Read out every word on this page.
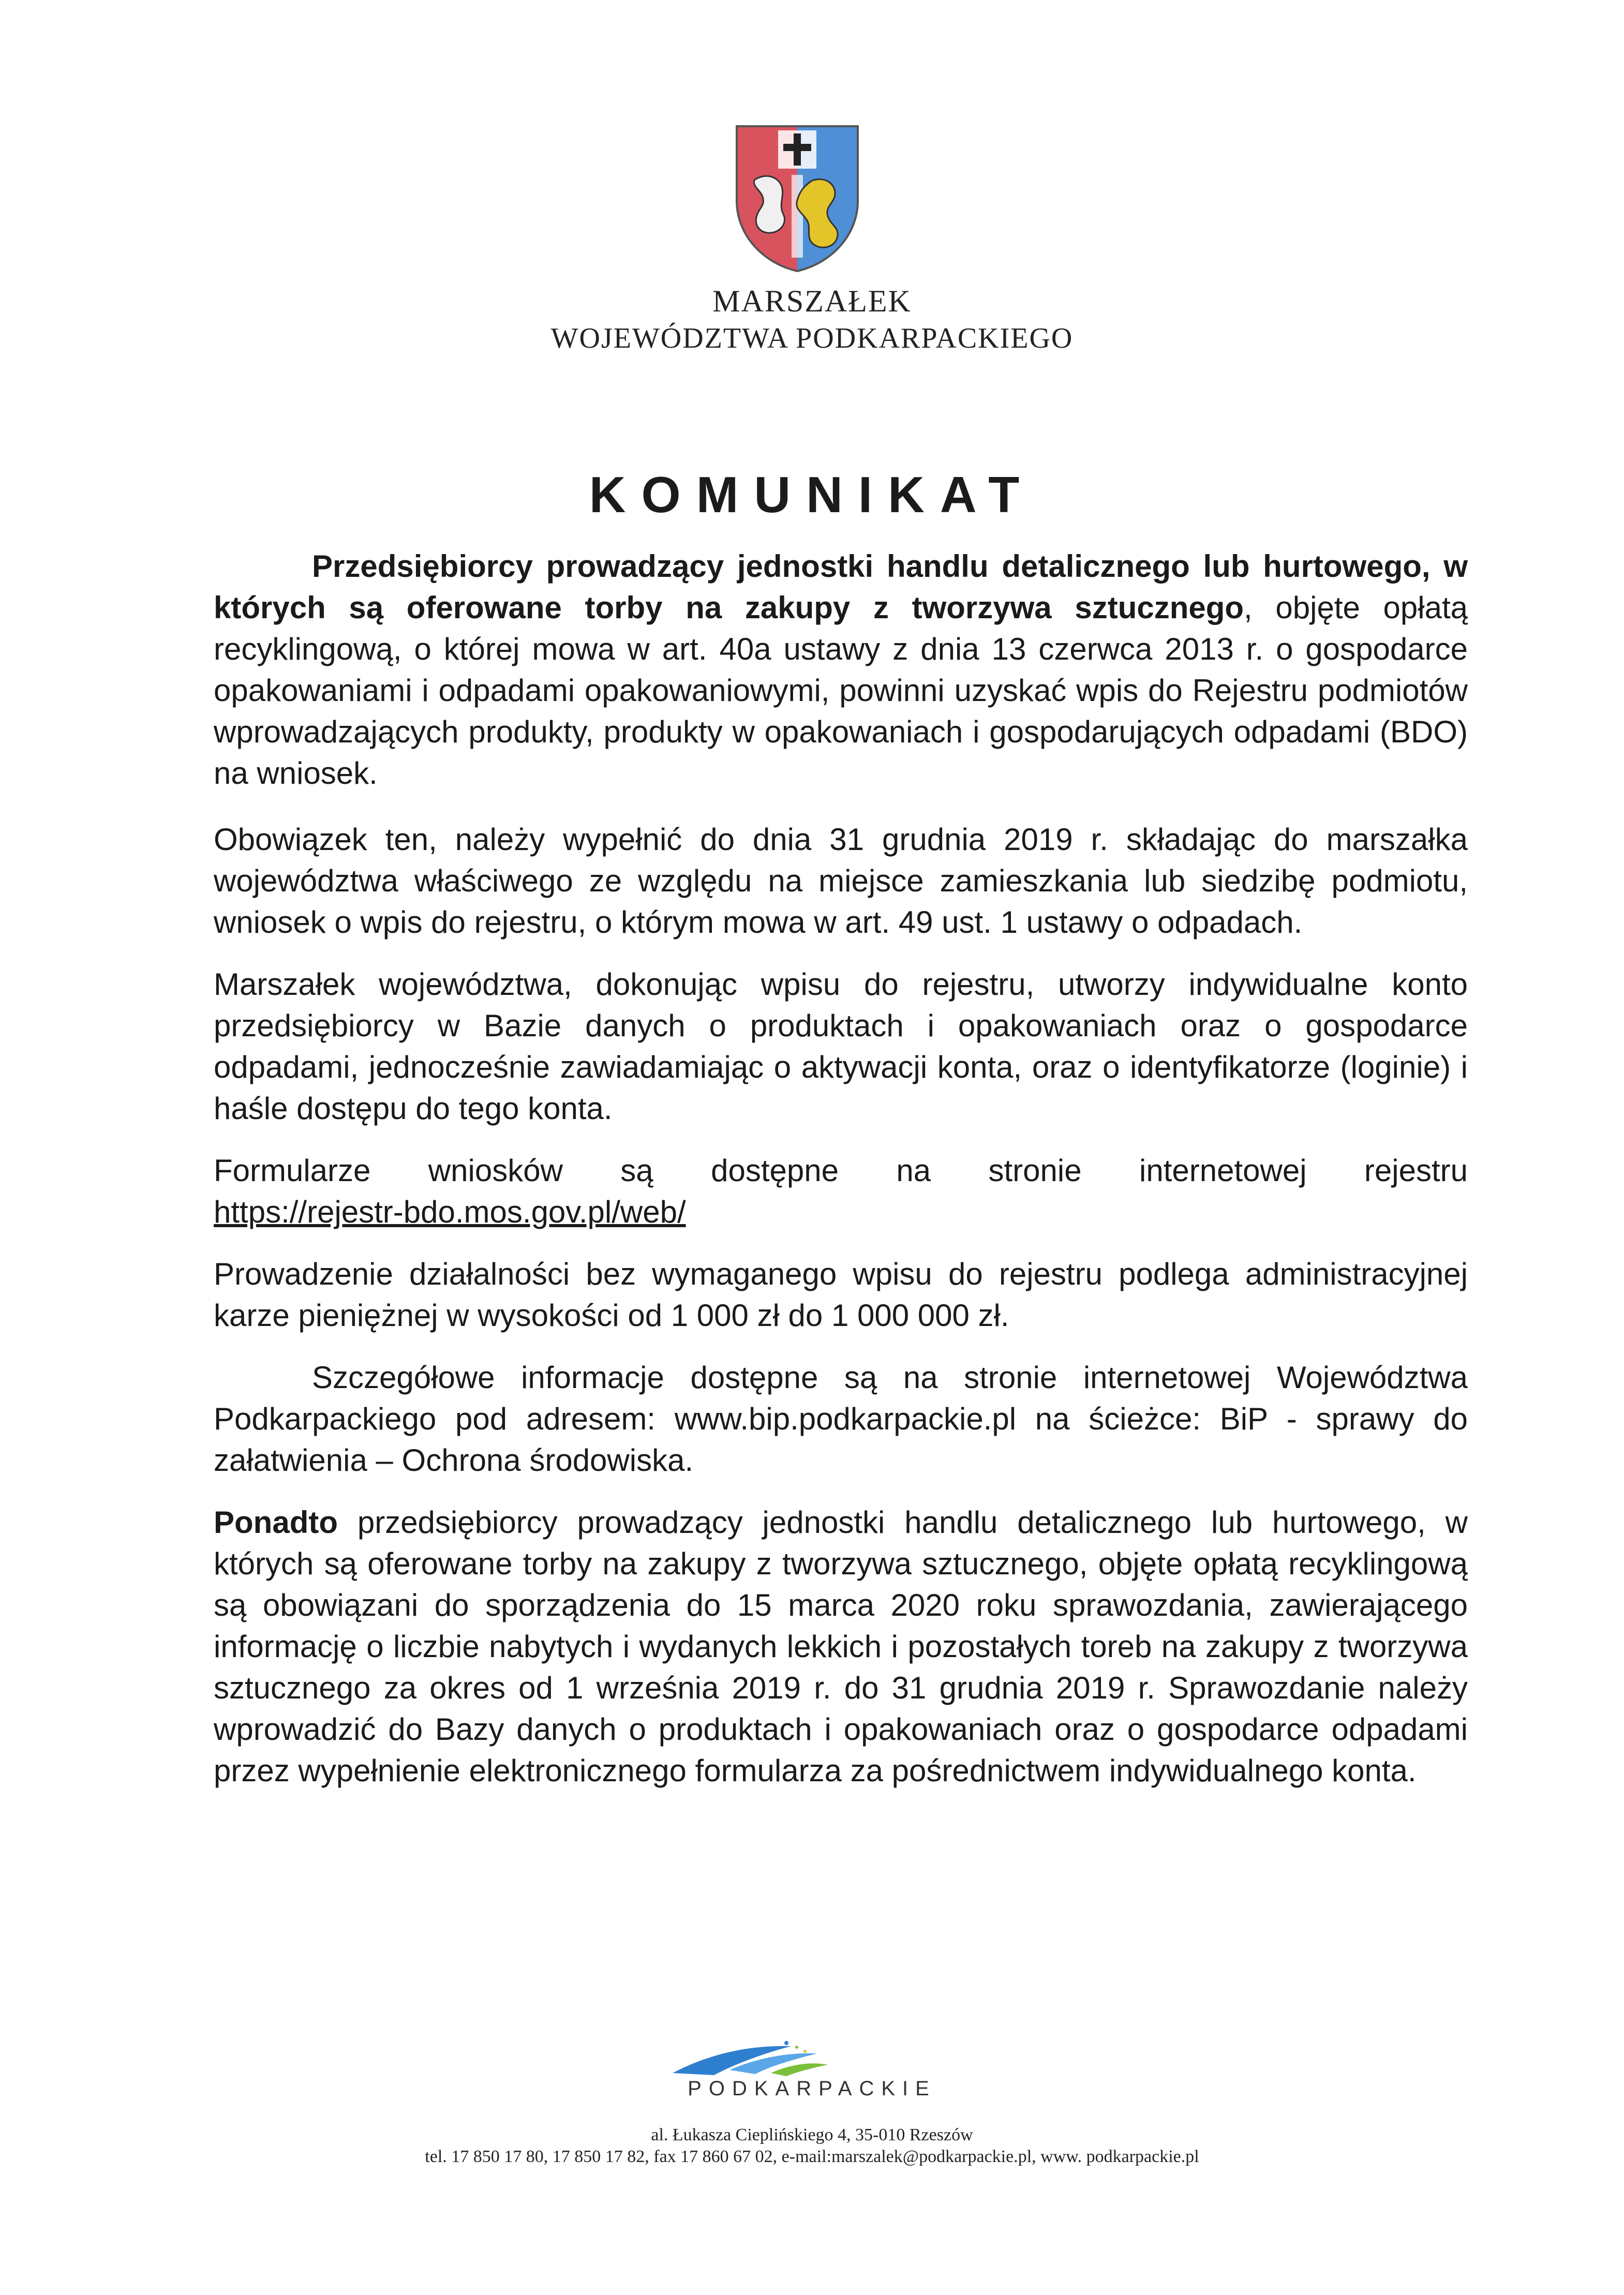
MARSZAŁEK
WOJEWÓDZTWA PODKARPACKIEGO
KOMUNIKAT

Przedsiębiorcy prowadzący jednostki handlu detalicznego lub hurtowego, w których są oferowane torby na zakupy z tworzywa sztucznego, objęte opłatą recyklingową, o której mowa w art. 40a ustawy z dnia 13 czerwca 2013 r. o gospodarce opakowaniami i odpadami opakowaniowymi, powinni uzyskać wpis do Rejestru podmiotów wprowadzających produkty, produkty w opakowaniach i gospodarujących odpadami (BDO) na wniosek.

Obowiązek ten, należy wypełnić do dnia 31 grudnia 2019 r. składając do marszałka województwa właściwego ze względu na miejsce zamieszkania lub siedzibę podmiotu, wniosek o wpis do rejestru, o którym mowa w art. 49 ust. 1 ustawy o odpadach.

Marszałek województwa, dokonując wpisu do rejestru, utworzy indywidualne konto przedsiębiorcy w Bazie danych o produktach i opakowaniach oraz o gospodarce odpadami, jednocześnie zawiadamiając o aktywacji konta, oraz o identyfikatorze (loginie) i haśle dostępu do tego konta.

Formularze wniosków są dostępne na stronie internetowej rejestru

https://rejestr-bdo.mos.gov.pl/web/

Prowadzenie działalności bez wymaganego wpisu do rejestru podlega administracyjnej karze pieniężnej w wysokości od 1 000 zł do 1 000 000 zł.

Szczegółowe informacje dostępne są na stronie internetowej Województwa Podkarpackiego pod adresem: www.bip.podkarpackie.pl na ścieżce: BiP - sprawy do załatwienia – Ochrona środowiska.

Ponadto przedsiębiorcy prowadzący jednostki handlu detalicznego lub hurtowego, w których są oferowane torby na zakupy z tworzywa sztucznego, objęte opłatą recyklingową są obowiązani do sporządzenia do 15 marca 2020 roku sprawozdania, zawierającego informację o liczbie nabytych i wydanych lekkich i pozostałych toreb na zakupy z tworzywa sztucznego za okres od 1 września 2019 r. do 31 grudnia 2019 r. Sprawozdanie należy wprowadzić do Bazy danych o produktach i opakowaniach oraz o gospodarce odpadami przez wypełnienie elektronicznego formularza za pośrednictwem indywidualnego konta.

PODKARPACKIE
al. Łukasza Cieplińskiego 4, 35-010 Rzeszów
tel. 17 850 17 80, 17 850 17 82, fax 17 860 67 02, e-mail:marszalek@podkarpackie.pl, www. podkarpackie.pl
